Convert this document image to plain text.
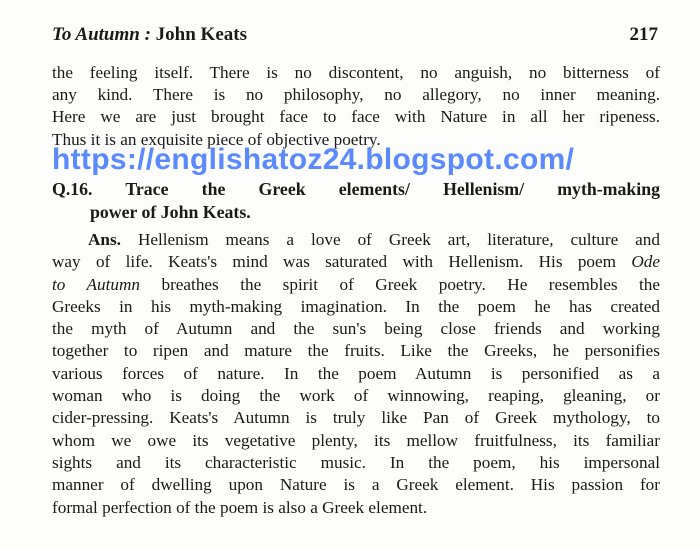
To Autumn : John Keats	217
the feeling itself. There is no discontent, no anguish, no bitterness of
any kind. There is no philosophy, no allegory, no inner meaning.
Here we are just brought face to face with Nature in all her ripeness.
Thus it is an exquisite piece of objective poetry.
Q.16. Trace the Greek elements/ Hellenism/ myth-making
power of John Keats.
Ans. Hellenism means a love of Greek art, literature, culture and
way of life. Keats's mind was saturated with Hellenism. His poem Ode
to Autumn breathes the spirit of Greek poetry. He resembles the
Greeks in his myth-making imagination. In the poem he has created
the myth of Autumn and the sun's being close friends and working
together to ripen and mature the fruits. Like the Greeks, he personifies
various forces of nature. In the poem Autumn is personified as a
woman who is doing the work of winnowing, reaping, gleaning, or
cider-pressing. Keats's Autumn is truly like Pan of Greek mythology, to
whom we owe its vegetative plenty, its mellow fruitfulness, its familiar
sights and its characteristic music. In the poem, his impersonal
manner of dwelling upon Nature is a Greek element. His passion for
formal perfection of the poem is also a Greek element.
https://englishatoz24.blogspot.com/
